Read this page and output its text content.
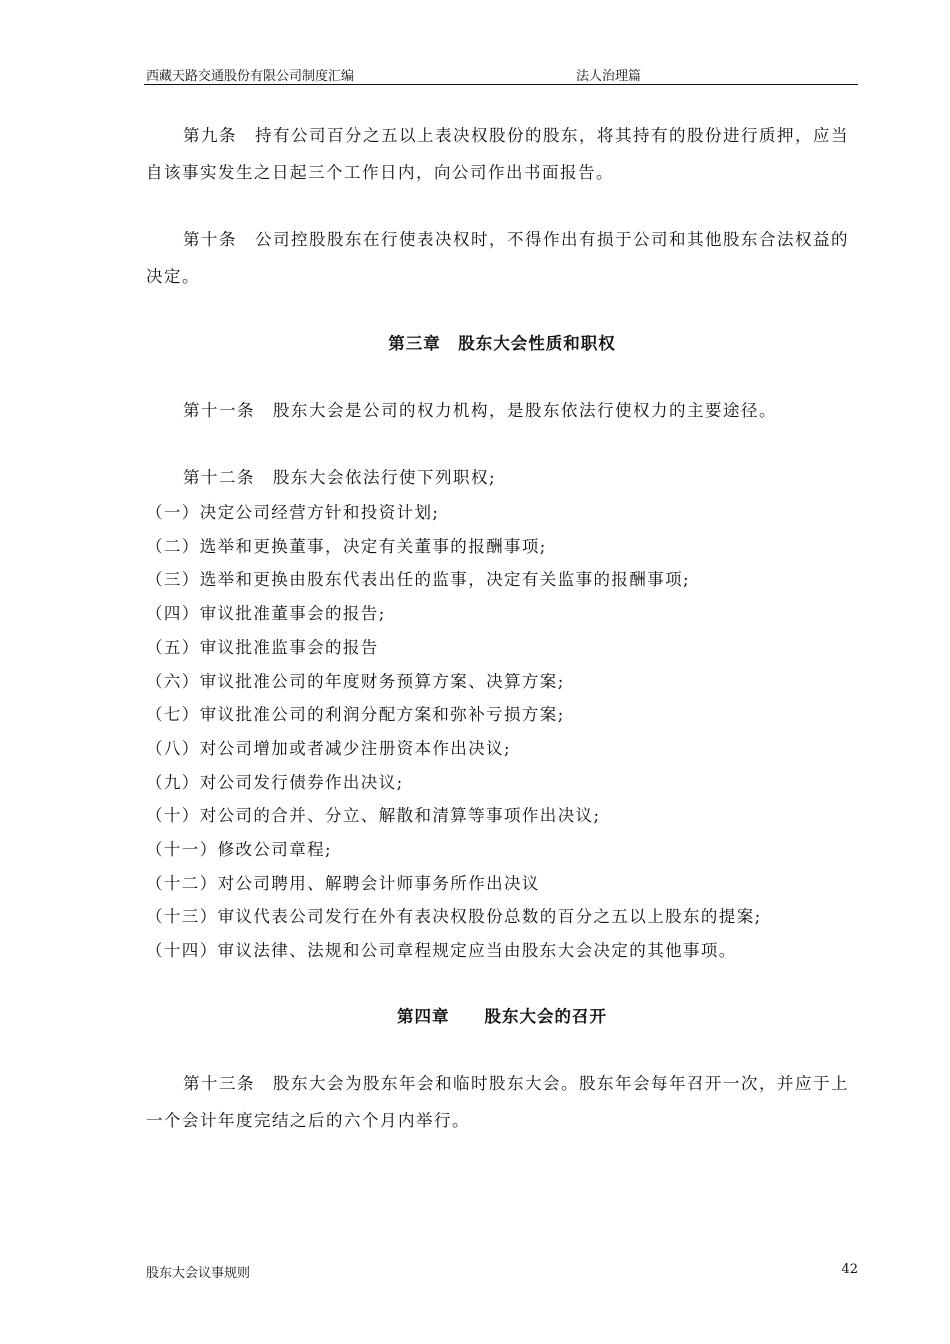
西藏天路交通股份有限公司制度汇编	法人治理篇

第九条　持有公司百分之五以上表决权股份的股东，将其持有的股份进行质押，应当自该事实发生之日起三个工作日内，向公司作出书面报告。

第十条　公司控股股东在行使表决权时，不得作出有损于公司和其他股东合法权益的决定。

第三章　股东大会性质和职权

第十一条　股东大会是公司的权力机构，是股东依法行使权力的主要途径。

第十二条　股东大会依法行使下列职权;

（一）决定公司经营方针和投资计划;

（二）选举和更换董事，决定有关董事的报酬事项;

（三）选举和更换由股东代表出任的监事，决定有关监事的报酬事项;

（四）审议批准董事会的报告;

（五）审议批准监事会的报告

（六）审议批准公司的年度财务预算方案、决算方案;

（七）审议批准公司的利润分配方案和弥补亏损方案;

（八）对公司增加或者减少注册资本作出决议;

（九）对公司发行债券作出决议;

（十）对公司的合并、分立、解散和清算等事项作出决议;

（十一）修改公司章程;

（十二）对公司聘用、解聘会计师事务所作出决议

（十三）审议代表公司发行在外有表决权股份总数的百分之五以上股东的提案;

（十四）审议法律、法规和公司章程规定应当由股东大会决定的其他事项。

第四章　　股东大会的召开

第十三条　股东大会为股东年会和临时股东大会。股东年会每年召开一次，并应于上一个会计年度完结之后的六个月内举行。

股东大会议事规则	42
